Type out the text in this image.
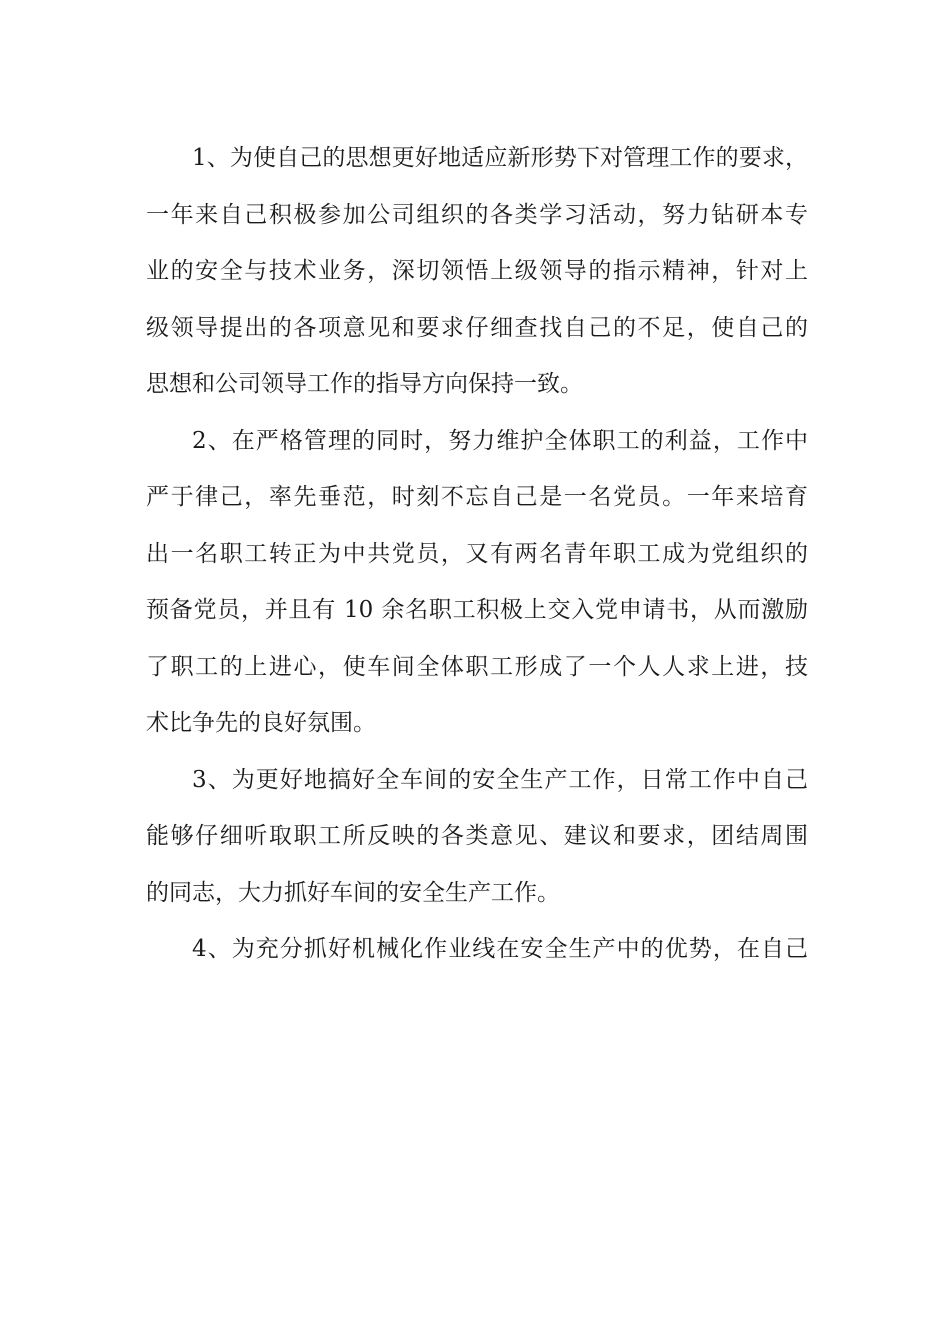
1、为使自己的思想更好地适应新形势下对管理工作的要求，
一年来自己积极参加公司组织的各类学习活动，努力钻研本专
业的安全与技术业务，深切领悟上级领导的指示精神，针对上
级领导提出的各项意见和要求仔细查找自己的不足，使自己的
思想和公司领导工作的指导方向保持一致。
2、在严格管理的同时，努力维护全体职工的利益，工作中
严于律己，率先垂范，时刻不忘自己是一名党员。一年来培育
出一名职工转正为中共党员，又有两名青年职工成为党组织的
预备党员，并且有 10 余名职工积极上交入党申请书，从而激励
了职工的上进心，使车间全体职工形成了一个人人求上进，技
术比争先的良好氛围。
3、为更好地搞好全车间的安全生产工作，日常工作中自己
能够仔细听取职工所反映的各类意见、建议和要求，团结周围
的同志，大力抓好车间的安全生产工作。
4、为充分抓好机械化作业线在安全生产中的优势，在自己
